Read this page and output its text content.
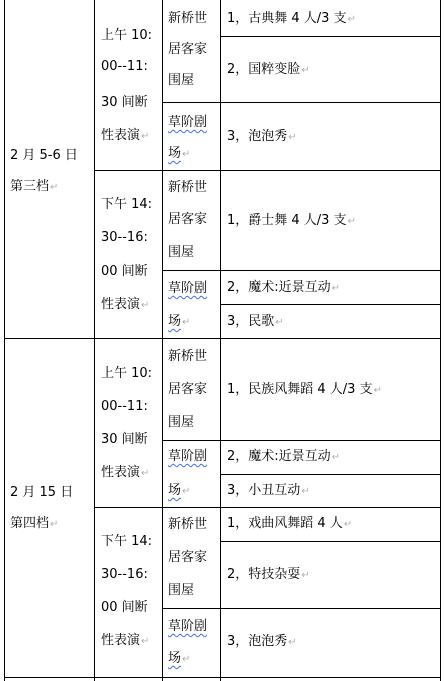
2 月 5-6 日
第三档↵
上午 10:
00--11:
30 间断
性表演↵
新桥世
居客家
围屋
1，古典舞 4 人/3 支↵
2，国粹变脸↵
草阶剧
场↵
3，泡泡秀↵
下午 14:
30--16:
00 间断
性表演↵
新桥世
居客家
围屋
1，爵士舞 4 人/3 支↵
草阶剧
场↵
2，魔术:近景互动↵
3，民歌↵
2 月 15 日
第四档↵
上午 10:
00--11:
30 间断
性表演↵
新桥世
居客家
围屋
1，民族风舞蹈 4 人/3 支↵
草阶剧
场↵
2，魔术:近景互动↵
3，小丑互动↵
下午 14:
30--16:
00 间断
性表演↵
新桥世
居客家
围屋
1，戏曲风舞蹈 4 人↵
2，特技杂耍↵
草阶剧
场↵
3，泡泡秀↵
